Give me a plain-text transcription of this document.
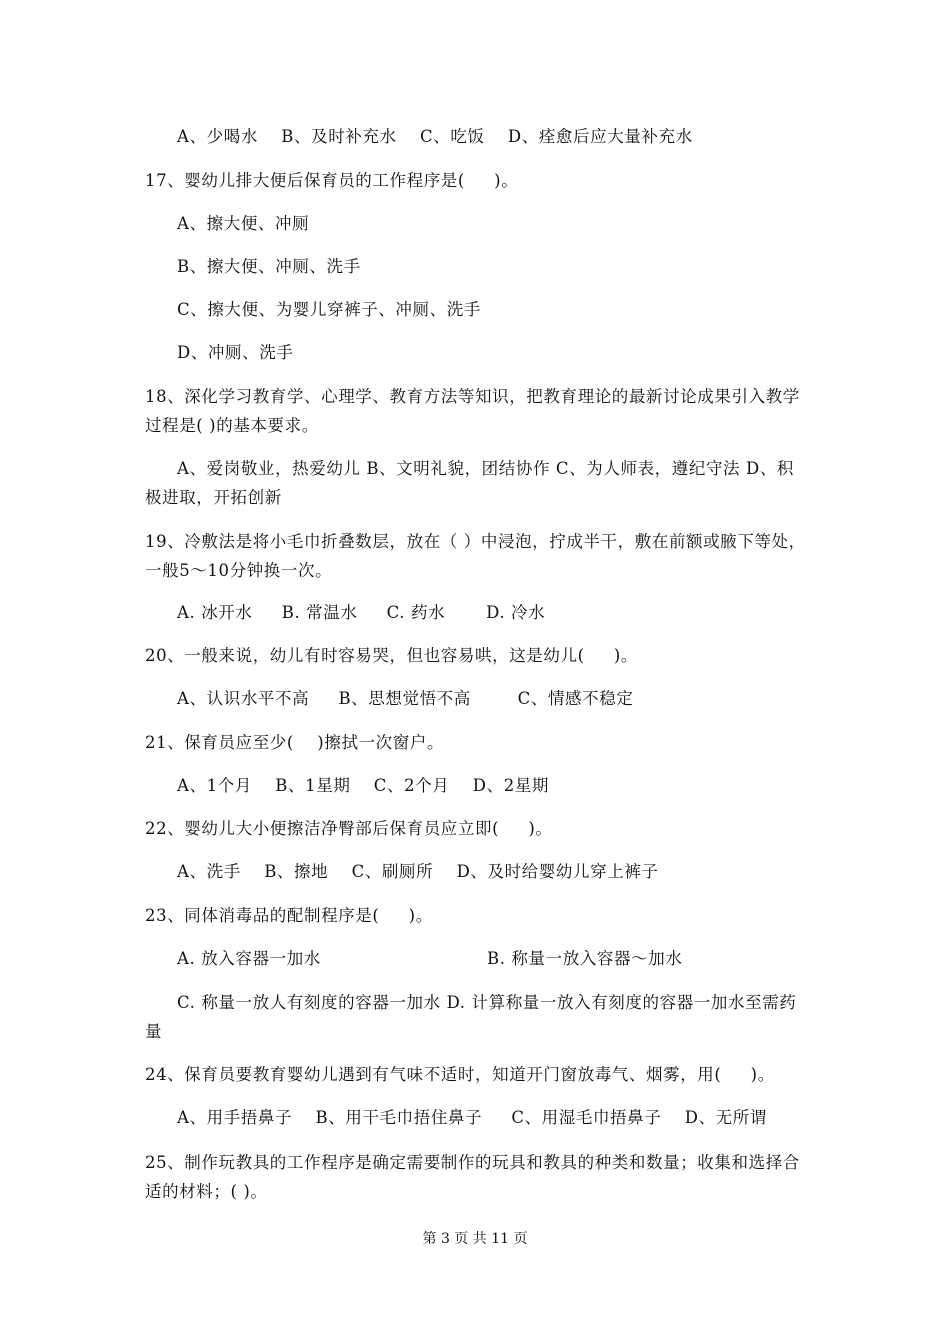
A、少喝水    B、及时补充水    C、吃饭    D、痊愈后应大量补充水
17、婴幼儿排大便后保育员的工作程序是(     )。
A、擦大便、冲厕
B、擦大便、冲厕、洗手
C、擦大便、为婴儿穿裤子、冲厕、洗手
D、冲厕、洗手
18、深化学习教育学、心理学、教育方法等知识，把教育理论的最新讨论成果引入教学过程是( )的基本要求。
A、爱岗敬业，热爱幼儿 B、文明礼貌，团结协作 C、为人师表，遵纪守法 D、积极进取，开拓创新
19、冷敷法是将小毛巾折叠数层，放在（ ）中浸泡，拧成半干，敷在前额或腋下等处，一般5～10分钟换一次。
A. 冰开水     B. 常温水     C. 药水       D. 冷水
20、一般来说，幼儿有时容易哭，但也容易哄，这是幼儿(     )。
A、认识水平不高     B、思想觉悟不高        C、情感不稳定
21、保育员应至少(    )擦拭一次窗户。
A、1个月    B、1星期    C、2个月    D、2星期
22、婴幼儿大小便擦洁净臀部后保育员应立即(     )。
A、洗手    B、擦地    C、刷厕所    D、及时给婴幼儿穿上裤子
23、同体消毒品的配制程序是(     )。
A. 放入容器一加水	B. 称量一放入容器～加水
C. 称量一放人有刻度的容器一加水 D. 计算称量一放入有刻度的容器一加水至需药量
24、保育员要教育婴幼儿遇到有气味不适时，知道开门窗放毒气、烟雾，用(     )。
A、用手捂鼻子    B、用干毛巾捂住鼻子     C、用湿毛巾捂鼻子    D、无所谓
25、制作玩教具的工作程序是确定需要制作的玩具和教具的种类和数量；收集和选择合适的材料；( )。
第 3 页 共 11 页
